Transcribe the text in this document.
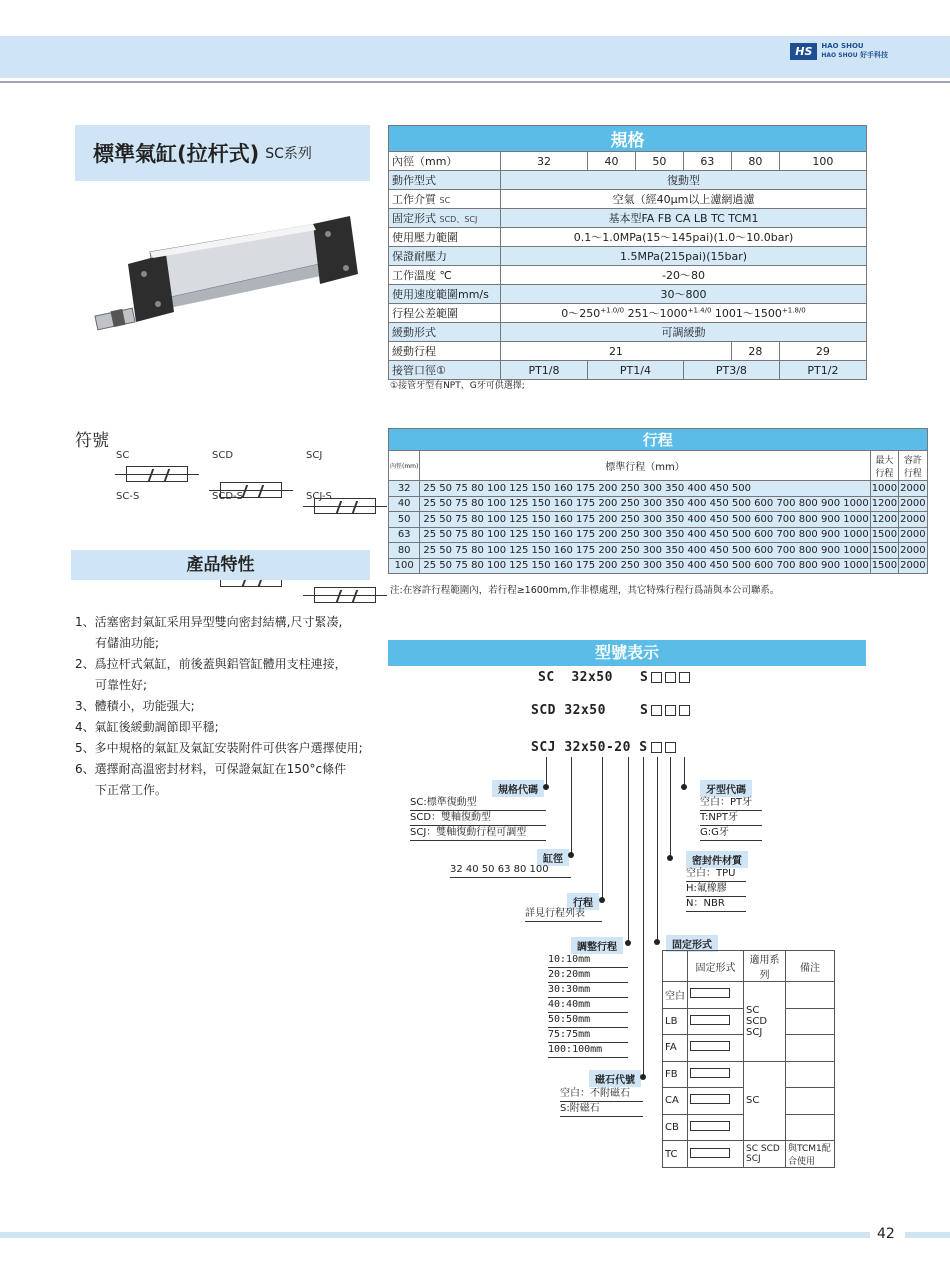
HS	HAO SHOU
HAO SHOU 好手科技
標準氣缸(拉杆式) SC系列
規格						
內徑（mm）	32	40	50	63	80	100
動作型式	復動型					
工作介質 SC	空氣（經40μm以上濾網過濾					
固定形式 SCD、SCJ	基本型FA FB CA LB TC TCM1					
使用壓力範圍	0.1～1.0MPa(15～145pai)(1.0～10.0bar)					
保證耐壓力	1.5MPa(215pai)(15bar)					
工作溫度 ℃	-20～80					
使用速度範圍mm/s	30～800					
行程公差範圍	$0\sim 250^{+1.0/0}$ $251\sim 1000^{+1.4/0}$ $1001\sim 1500^{+1.8/0}$
緩動形式	可調緩動					
緩動行程	21				28	29
接管口徑①	PT1/8	PT1/4		PT3/8		PT1/2
①接管牙型有NPT、G牙可供選擇;
符號
SC	SCD	SCJ
SC-S	SCD-S	SCJ-S
產品特性
1、活塞密封氣缸采用异型雙向密封結構,尺寸緊凑,
有儲油功能;
2、爲拉杆式氣缸，前後蓋與鋁管缸體用支柱連接，
可靠性好;
3、體積小，功能强大;
4、氣缸後緩動調節即平穩;
5、多中規格的氣缸及氣缸安裝附件可供客户選擇使用;
6、選擇耐高溫密封材料，可保證氣缸在150°c條件
下正常工作。
行程			
內徑(mm)	標準行程（mm）	最大行程	容許行程
32	25 50 75 80 100 125 150 160 175 200 250 300 350 400 450 500	1000	2000
40	25 50 75 80 100 125 150 160 175 200 250 300 350 400 450 500 600 700 800 900 1000	1200	2000
50	25 50 75 80 100 125 150 160 175 200 250 300 350 400 450 500 600 700 800 900 1000	1200	2000
63	25 50 75 80 100 125 150 160 175 200 250 300 350 400 450 500 600 700 800 900 1000	1500	2000
80	25 50 75 80 100 125 150 160 175 200 250 300 350 400 450 500 600 700 800 900 1000	1500	2000
100	25 50 75 80 100 125 150 160 175 200 250 300 350 400 450 500 600 700 800 900 1000	1500	2000
注:在容許行程範圍內，若行程≥1600mm,作非標處理，其它特殊行程行爲請與本公司聯系。
型號表示
SC 32x50 S
SCD 32x50	S
SCJ 32x50-20 S
規格代碼
SC:標準復動型
SCD：雙軸復動型
SCJ：雙軸復動行程可調型
缸徑
32 40 50 63 80 100
行程
詳見行程列表
調整行程
10:10mm
20:20mm
30:30mm
40:40mm
50:50mm
75:75mm
100:100mm
磁石代號
空白：不附磁石
S:附磁石
牙型代碼
空白：PT牙
T:NPT牙
G:G牙
密封件材質
空白：TPU
H:氟橡膠
N：NBR
固定形式
	固定形式	適用系列	備注
空白		SC SCD SCJ	
LB			
FA			
FB		SC	
CA			
CB			
TC		SC SCD SCJ	與TCM1配合使用
42
